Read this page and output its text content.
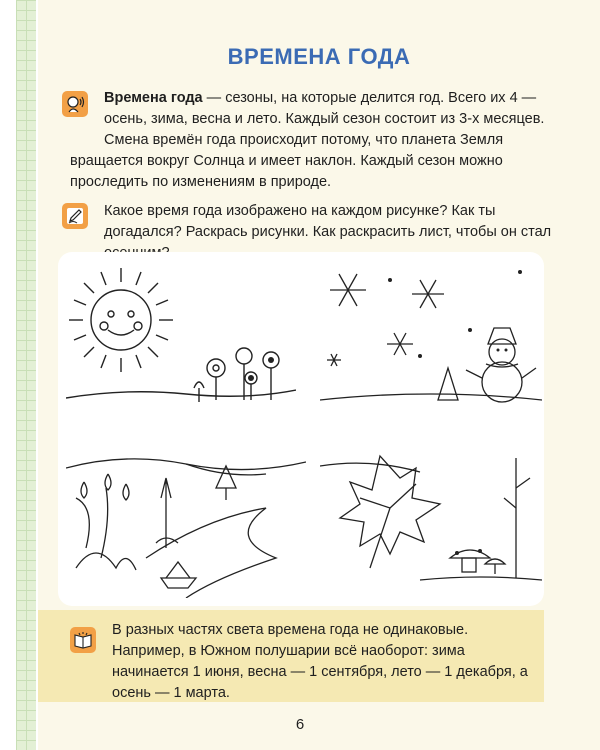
ВРЕМЕНА ГОДА

Времена года — сезоны, на которые делится год. Всего их 4 — осень, зима, весна и лето. Каждый сезон состоит из 3-х месяцев.

Смена времён года происходит потому, что планета Земля вращается вокруг Солнца и имеет наклон. Каждый сезон можно проследить по изменениям в природе.

Какое время года изображено на каждом рисунке? Как ты догадался? Раскрась рисунки. Как раскрасить лист, чтобы он стал

В разных частях света времена года не одинаковые. Например, в Южном полушарии всё наоборот: зима начинается 1 июня, весна — 1 сентября, лето — 1 декабря, а осень — 1 марта.

6
